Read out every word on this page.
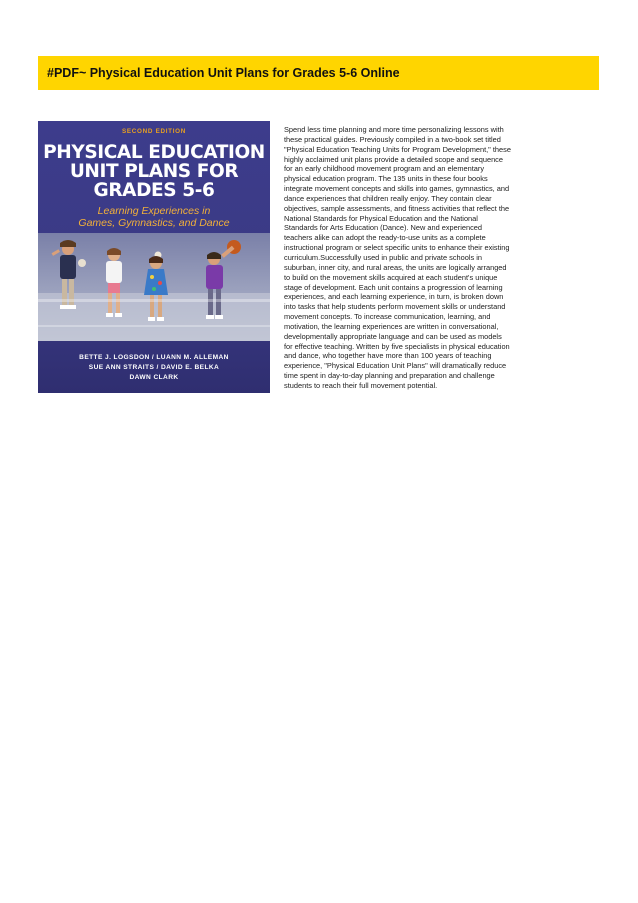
#PDF~ Physical Education Unit Plans for Grades 5-6 Online
SECOND EDITION
PHYSICAL EDUCATION
UNIT PLANS FOR
GRADES 5-6
Learning Experiences in
Games, Gymnastics, and Dance
BETTE J. LOGSDON / LUANN M. ALLEMAN
SUE ANN STRAITS / DAVID E. BELKA
DAWN CLARK

Spend less time planning and more time personalizing lessons with these practical guides. Previously compiled in a two-book set titled "Physical Education Teaching Units for Program Development," these highly acclaimed unit plans provide a detailed scope and sequence for an early childhood movement program and an elementary physical education program. The 135 units in these four books integrate movement concepts and skills into games, gymnastics, and dance experiences that children really enjoy. They contain clear objectives, sample assessments, and fitness activities that reflect the National Standards for Physical Education and the National Standards for Arts Education (Dance). New and experienced teachers alike can adopt the ready-to-use units as a complete instructional program or select specific units to enhance their existing curriculum.Successfully used in public and private schools in suburban, inner city, and rural areas, the units are logically arranged to build on the movement skills acquired at each student's unique stage of development. Each unit contains a progression of learning experiences, and each learning experience, in turn, is broken down into tasks that help students perform movement skills or understand movement concepts. To increase communication, learning, and motivation, the learning experiences are written in conversational, developmentally appropriate language and can be used as models for effective teaching. Written by five specialists in physical education and dance, who together have more than 100 years of teaching experience, "Physical Education Unit Plans" will dramatically reduce time spent in day-to-day planning and preparation and challenge students to reach their full movement potential.
